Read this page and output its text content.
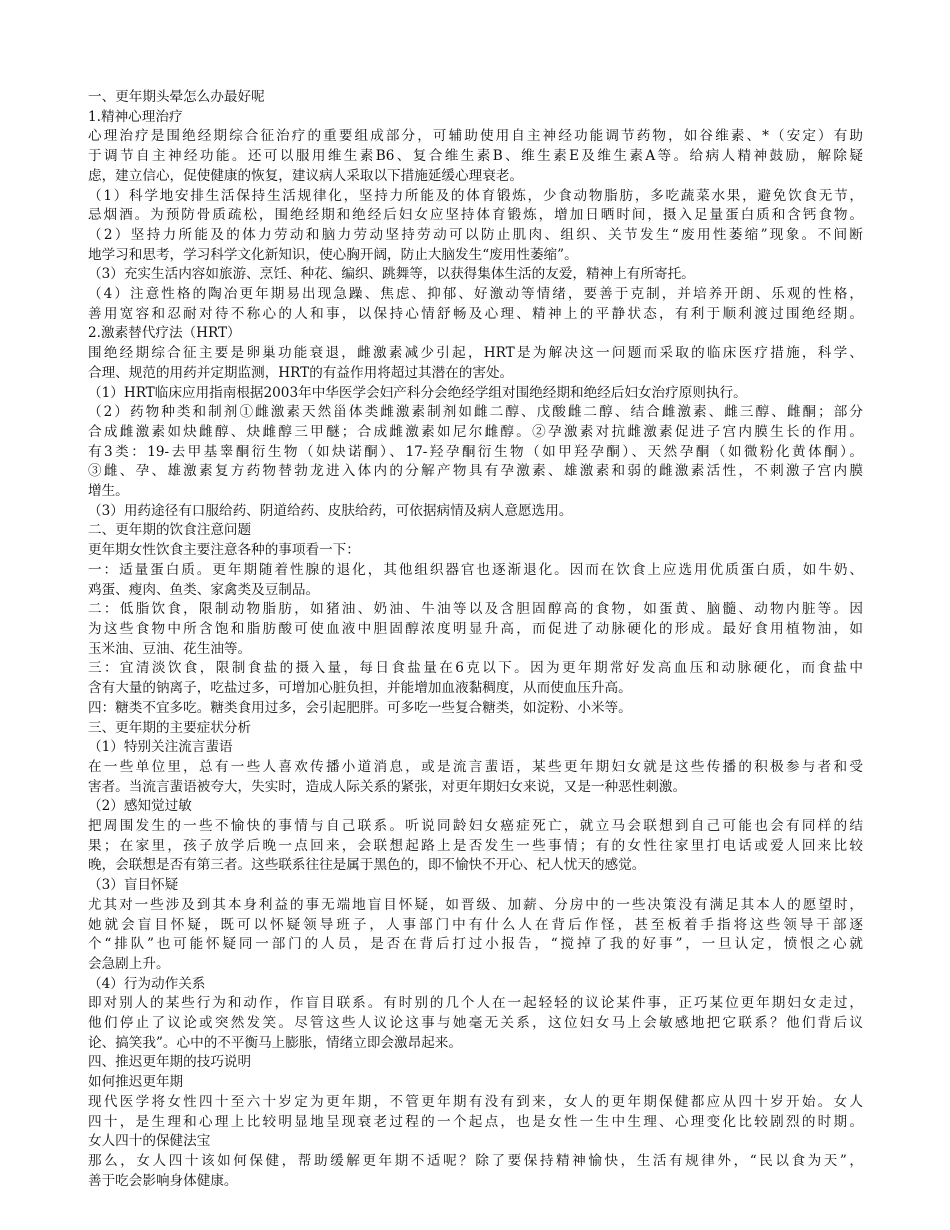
一、更年期头晕怎么办最好呢
1.精神心理治疗
心理治疗是围绝经期综合征治疗的重要组成部分，可辅助使用自主神经功能调节药物，如谷维素、*（安定）有助
于调节自主神经功能。还可以服用维生素B6、复合维生素B、维生素E及维生素A等。给病人精神鼓励，解除疑
虑，建立信心，促使健康的恢复，建议病人采取以下措施延缓心理衰老。
（1）科学地安排生活保持生活规律化，坚持力所能及的体育锻炼，少食动物脂肪，多吃蔬菜水果，避免饮食无节，
忌烟酒。为预防骨质疏松，围绝经期和绝经后妇女应坚持体育锻炼，增加日晒时间，摄入足量蛋白质和含钙食物。
（2）坚持力所能及的体力劳动和脑力劳动坚持劳动可以防止肌肉、组织、关节发生“废用性萎缩”现象。不间断
地学习和思考，学习科学文化新知识，使心胸开阔，防止大脑发生“废用性萎缩”。
（3）充实生活内容如旅游、烹饪、种花、编织、跳舞等，以获得集体生活的友爱，精神上有所寄托。
（4）注意性格的陶冶更年期易出现急躁、焦虑、抑郁、好激动等情绪，要善于克制，并培养开朗、乐观的性格，
善用宽容和忍耐对待不称心的人和事，以保持心情舒畅及心理、精神上的平静状态，有利于顺利渡过围绝经期。
2.激素替代疗法（HRT）
围绝经期综合征主要是卵巢功能衰退，雌激素减少引起，HRT是为解决这一问题而采取的临床医疗措施，科学、
合理、规范的用药并定期监测，HRT的有益作用将超过其潜在的害处。
（1）HRT临床应用指南根据2003年中华医学会妇产科分会绝经学组对围绝经期和绝经后妇女治疗原则执行。
（2）药物种类和制剂①雌激素天然甾体类雌激素制剂如雌二醇、戊酸雌二醇、结合雌激素、雌三醇、雌酮；部分
合成雌激素如炔雌醇、炔雌醇三甲醚；合成雌激素如尼尔雌醇。②孕激素对抗雌激素促进子宫内膜生长的作用。
有3类：19-去甲基睾酮衍生物（如炔诺酮）、17-羟孕酮衍生物（如甲羟孕酮）、天然孕酮（如微粉化黄体酮）。
③雌、孕、雄激素复方药物替勃龙进入体内的分解产物具有孕激素、雄激素和弱的雌激素活性，不刺激子宫内膜
增生。
（3）用药途径有口服给药、阴道给药、皮肤给药，可依据病情及病人意愿选用。
二、更年期的饮食注意问题
更年期女性饮食主要注意各种的事项看一下：
一：适量蛋白质。更年期随着性腺的退化，其他组织器官也逐渐退化。因而在饮食上应选用优质蛋白质，如牛奶、
鸡蛋、瘦肉、鱼类、家禽类及豆制品。
二：低脂饮食，限制动物脂肪，如猪油、奶油、牛油等以及含胆固醇高的食物，如蛋黄、脑髓、动物内脏等。因
为这些食物中所含饱和脂肪酸可使血液中胆固醇浓度明显升高，而促进了动脉硬化的形成。最好食用植物油，如
玉米油、豆油、花生油等。
三：宜清淡饮食，限制食盐的摄入量，每日食盐量在6克以下。因为更年期常好发高血压和动脉硬化，而食盐中
含有大量的钠离子，吃盐过多，可增加心脏负担，并能增加血液黏稠度，从而使血压升高。
四：糖类不宜多吃。糖类食用过多，会引起肥胖。可多吃一些复合糖类，如淀粉、小米等。
三、更年期的主要症状分析
（1）特别关注流言蜚语
在一些单位里，总有一些人喜欢传播小道消息，或是流言蜚语，某些更年期妇女就是这些传播的积极参与者和受
害者。当流言蜚语被夸大，失实时，造成人际关系的紧张，对更年期妇女来说，又是一种恶性刺激。
（2）感知觉过敏
把周围发生的一些不愉快的事情与自己联系。听说同龄妇女癌症死亡，就立马会联想到自己可能也会有同样的结
果；在家里，孩子放学后晚一点回来，会联想起路上是否发生一些事情；有的女性往家里打电话或爱人回来比较
晚，会联想是否有第三者。这些联系往往是属于黑色的，即不愉快不开心、杞人忧天的感觉。
（3）盲目怀疑
尤其对一些涉及到其本身利益的事无端地盲目怀疑，如晋级、加薪、分房中的一些决策没有满足其本人的愿望时，
她就会盲目怀疑，既可以怀疑领导班子，人事部门中有什么人在背后作怪，甚至板着手指将这些领导干部逐
个“排队”也可能怀疑同一部门的人员，是否在背后打过小报告，“搅掉了我的好事”，一旦认定，愤恨之心就
会急剧上升。
（4）行为动作关系
即对别人的某些行为和动作，作盲目联系。有时别的几个人在一起轻轻的议论某件事，正巧某位更年期妇女走过，
他们停止了议论或突然发笑。尽管这些人议论这事与她毫无关系，这位妇女马上会敏感地把它联系？他们背后议
论、搞笑我”。心中的不平衡马上膨胀，情绪立即会激昂起来。
四、推迟更年期的技巧说明
如何推迟更年期
现代医学将女性四十至六十岁定为更年期，不管更年期有没有到来，女人的更年期保健都应从四十岁开始。女人
四十，是生理和心理上比较明显地呈现衰老过程的一个起点，也是女性一生中生理、心理变化比较剧烈的时期。
女人四十的保健法宝
那么，女人四十该如何保健，帮助缓解更年期不适呢？除了要保持精神愉快，生活有规律外，“民以食为天”，
善于吃会影响身体健康。
